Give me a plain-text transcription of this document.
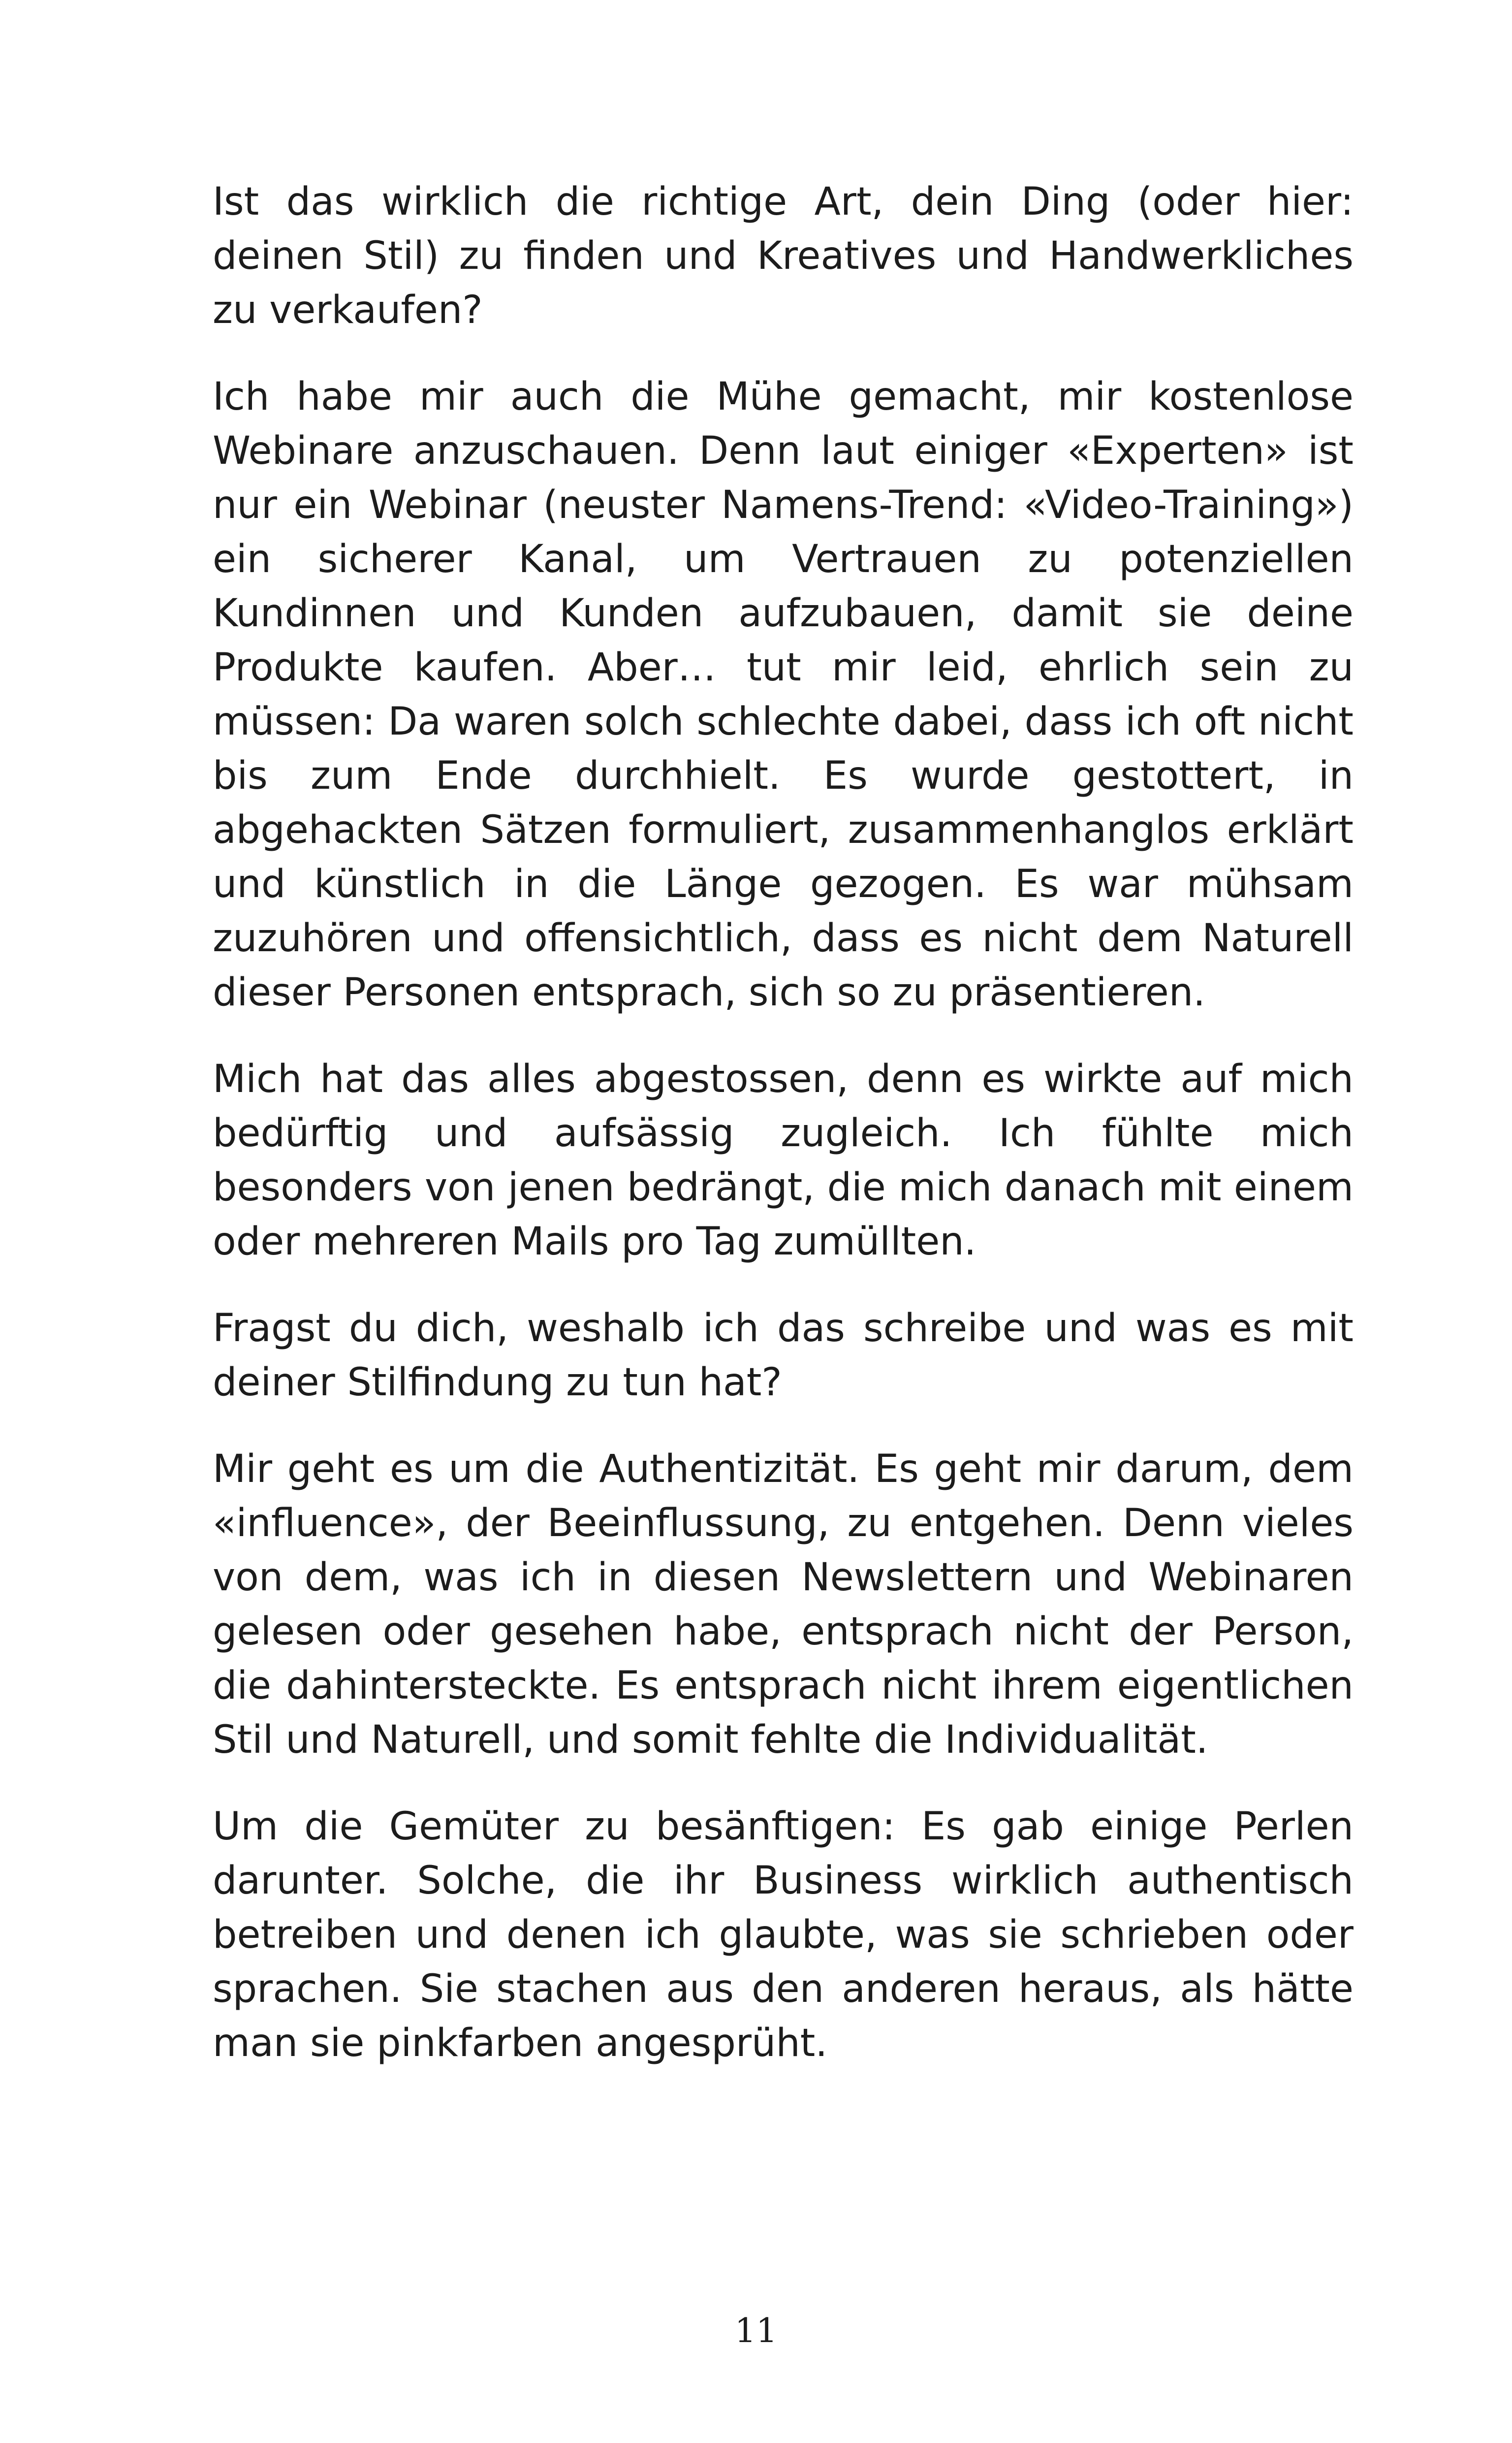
Ist das wirklich die richtige Art, dein Ding (oder hier: deinen Stil) zu finden und Kreatives und Handwerkliches zu verkaufen?

Ich habe mir auch die Mühe gemacht, mir kostenlose Webinare anzuschauen. Denn laut einiger «Experten» ist nur ein Webinar (neuster Namens-Trend: «Video-Training») ein sicherer Kanal, um Vertrauen zu potenziellen Kundinnen und Kunden aufzubauen, damit sie deine Produkte kaufen. Aber… tut mir leid, ehrlich sein zu müssen: Da waren solch schlechte dabei, dass ich oft nicht bis zum Ende durchhielt. Es wurde gestottert, in abgehackten Sätzen formuliert, zusammenhanglos erklärt und künstlich in die Länge gezogen. Es war mühsam zuzuhören und offensichtlich, dass es nicht dem Naturell dieser Personen entsprach, sich so zu präsentieren.

Mich hat das alles abgestossen, denn es wirkte auf mich bedürftig und aufsässig zugleich. Ich fühlte mich besonders von jenen bedrängt, die mich danach mit einem oder mehreren Mails pro Tag zumüllten.

Fragst du dich, weshalb ich das schreibe und was es mit deiner Stilfindung zu tun hat?

Mir geht es um die Authentizität. Es geht mir darum, dem «influence», der Beeinflussung, zu entgehen. Denn vieles von dem, was ich in diesen Newslettern und Webinaren gelesen oder gesehen habe, entsprach nicht der Person, die dahintersteckte. Es entsprach nicht ihrem eigentlichen Stil und Naturell, und somit fehlte die Individualität.

Um die Gemüter zu besänftigen: Es gab einige Perlen darunter. Solche, die ihr Business wirklich authentisch betreiben und denen ich glaubte, was sie schrieben oder sprachen. Sie stachen aus den anderen heraus, als hätte man sie pinkfarben angesprüht.

11
